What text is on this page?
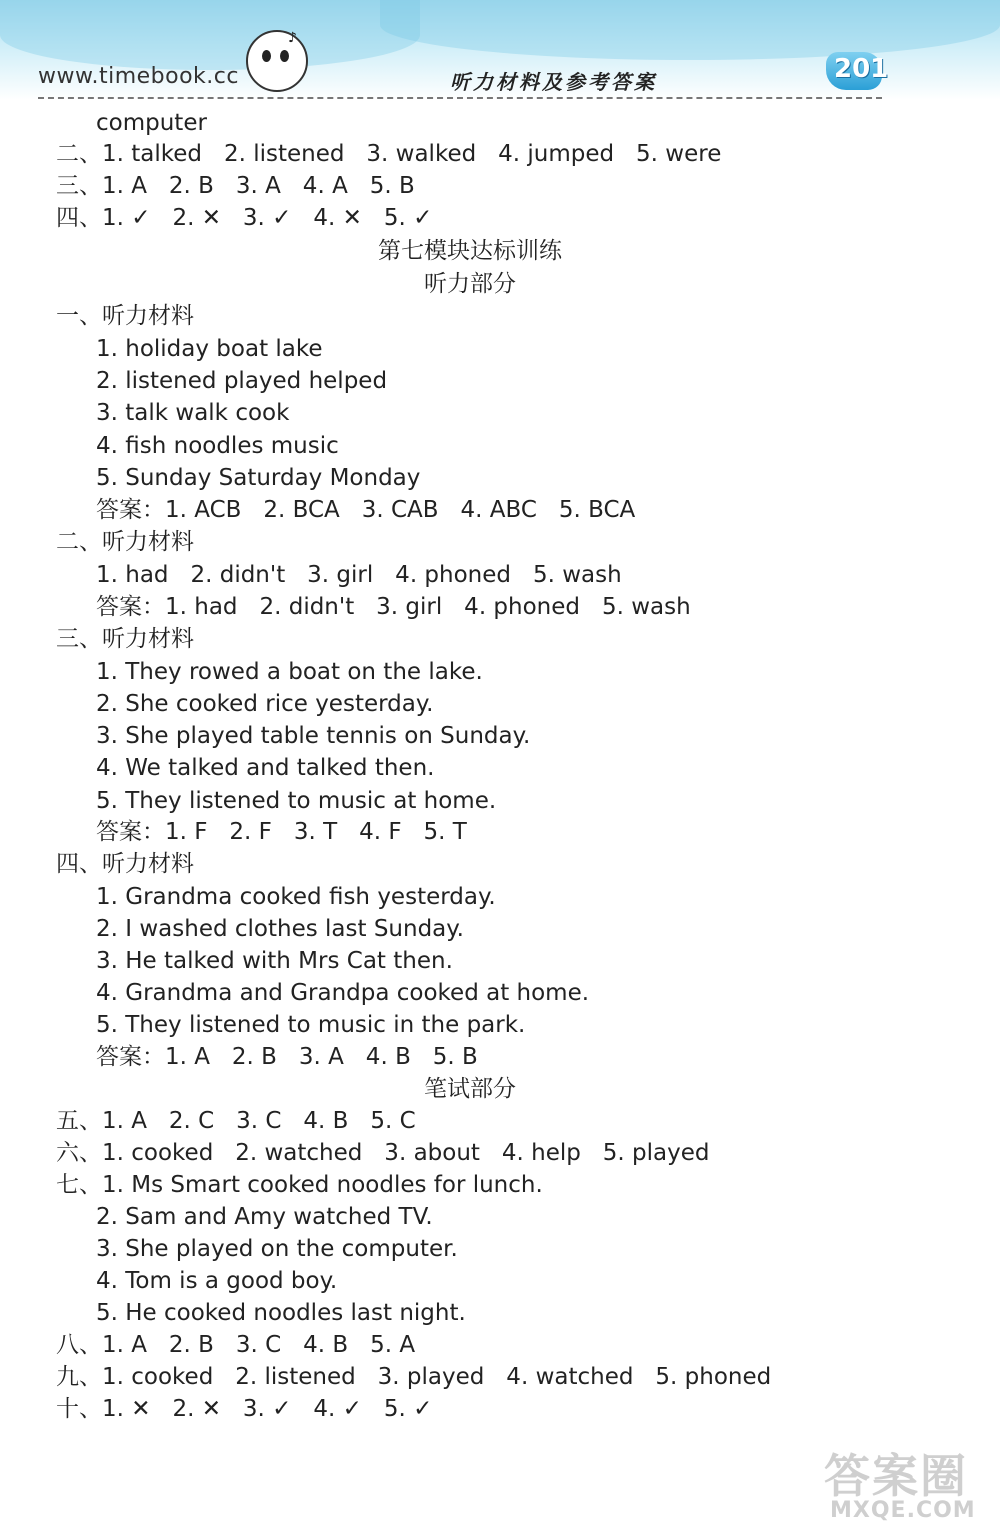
www.timebook.cc
♪
听力材料及参考答案	201
computer
二、1. talked   2. listened   3. walked   4. jumped   5. were
三、1. A   2. B   3. A   4. A   5. B
四、1. ✓   2. ✕   3. ✓   4. ✕   5. ✓
第七模块达标训练
听力部分
一、听力材料
1. holiday boat lake
2. listened played helped
3. talk walk cook
4. fish noodles music
5. Sunday Saturday Monday
答案：1. ACB   2. BCA   3. CAB   4. ABC   5. BCA
二、听力材料
1. had   2. didn't   3. girl   4. phoned   5. wash
答案：1. had   2. didn't   3. girl   4. phoned   5. wash
三、听力材料
1. They rowed a boat on the lake.
2. She cooked rice yesterday.
3. She played table tennis on Sunday.
4. We talked and talked then.
5. They listened to music at home.
答案：1. F   2. F   3. T   4. F   5. T
四、听力材料
1. Grandma cooked fish yesterday.
2. I washed clothes last Sunday.
3. He talked with Mrs Cat then.
4. Grandma and Grandpa cooked at home.
5. They listened to music in the park.
答案：1. A   2. B   3. A   4. B   5. B
笔试部分
五、1. A   2. C   3. C   4. B   5. C
六、1. cooked   2. watched   3. about   4. help   5. played
七、1. Ms Smart cooked noodles for lunch.
2. Sam and Amy watched TV.
3. She played on the computer.
4. Tom is a good boy.
5. He cooked noodles last night.
八、1. A   2. B   3. C   4. B   5. A
九、1. cooked   2. listened   3. played   4. watched   5. phoned
十、1. ✕   2. ✕   3. ✓   4. ✓   5. ✓
答案圈
MXQE.COM
